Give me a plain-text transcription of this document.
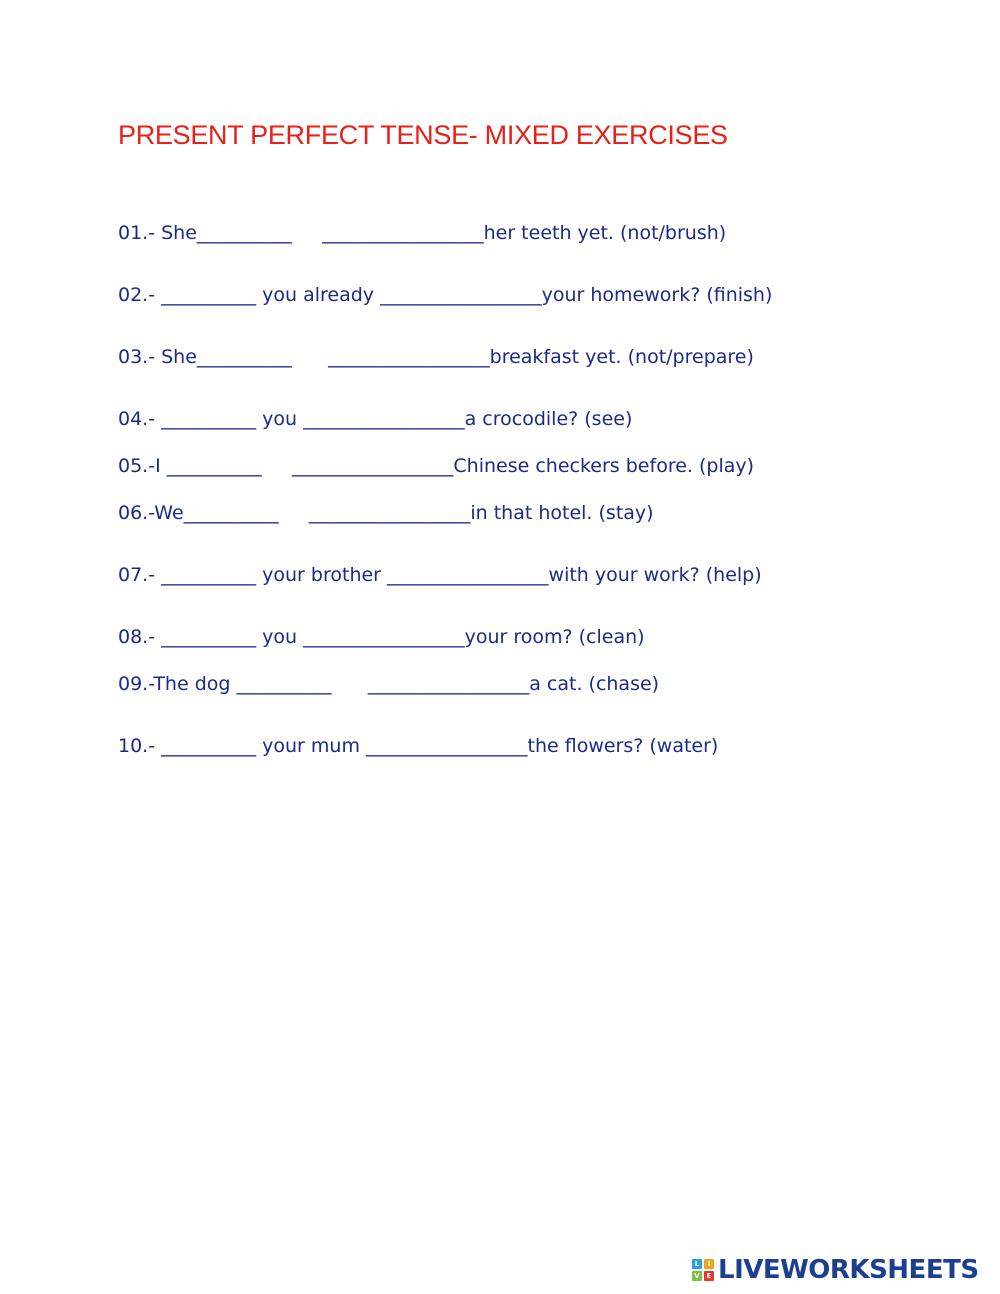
PRESENT PERFECT TENSE- MIXED EXERCISES
01.- She__________     _________________her teeth yet. (not/brush)
02.- __________ you already _________________your homework? (finish)
03.- She__________      _________________breakfast yet. (not/prepare)
04.- __________ you _________________a crocodile? (see)
05.-I __________     _________________Chinese checkers before. (play)
06.-We__________     _________________in that hotel. (stay)
07.- __________ your brother _________________with your work? (help)
08.- __________ you _________________your room? (clean)
09.-The dog __________      _________________a cat. (chase)
10.- __________ your mum _________________the flowers? (water)
L	I
V E LIVEWORKSHEETS
